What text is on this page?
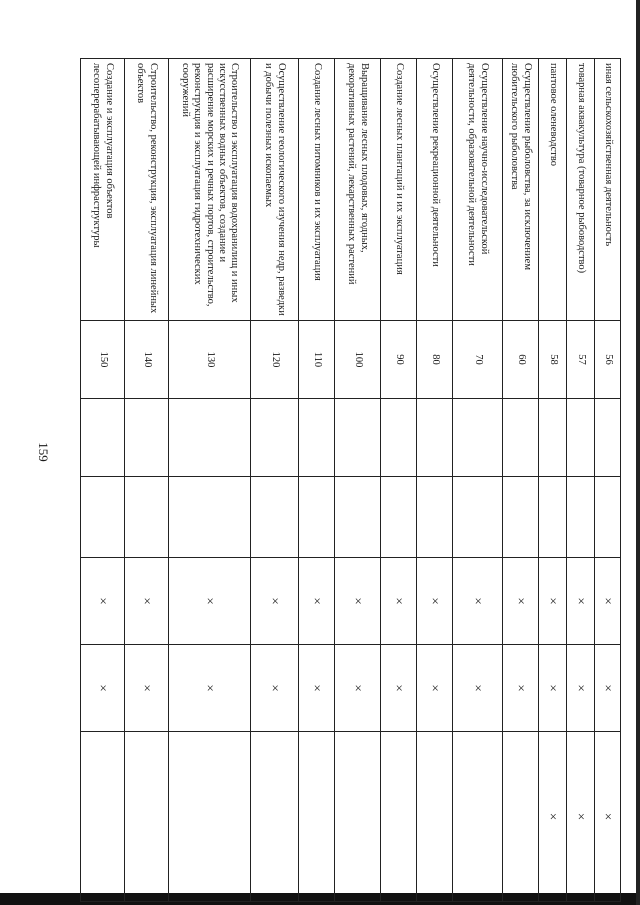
159
иная сельскохозяйственная деятельность	56			×	×	×
товарная аквакультура (товарное рыбоводство)	57			×	×	×
пантовое оленеводство	58			×	×	×
Осуществление рыболовства, за исключением любительского рыболовства	60			×	×	
Осуществление научно-исследовательской деятельности, образовательной деятельности	70			×	×	
Осуществление рекреационной деятельности	80			×	×	
Создание лесных плантаций и их эксплуатация	90			×	×	
Выращивание лесных плодовых, ягодных, декоративных растений, лекарственных растений	100			×	×	
Создание лесных питомников и их эксплуатация	110			×	×	
Осуществление геологического изучения недр, разведки и добычи полезных ископаемых	120			×	×	
Строительство и эксплуатация водохранилищ и иных искусственных водных объектов, создание и расширение морских и речных портов, строительство, реконструкция и эксплуатация гидротехнических сооружений	130			×	×	
Строительство, реконструкция, эксплуатация линейных объектов	140			×	×	
Создание и эксплуатация объектов лесоперерабатывающей инфраструктуры	150			×	×	
